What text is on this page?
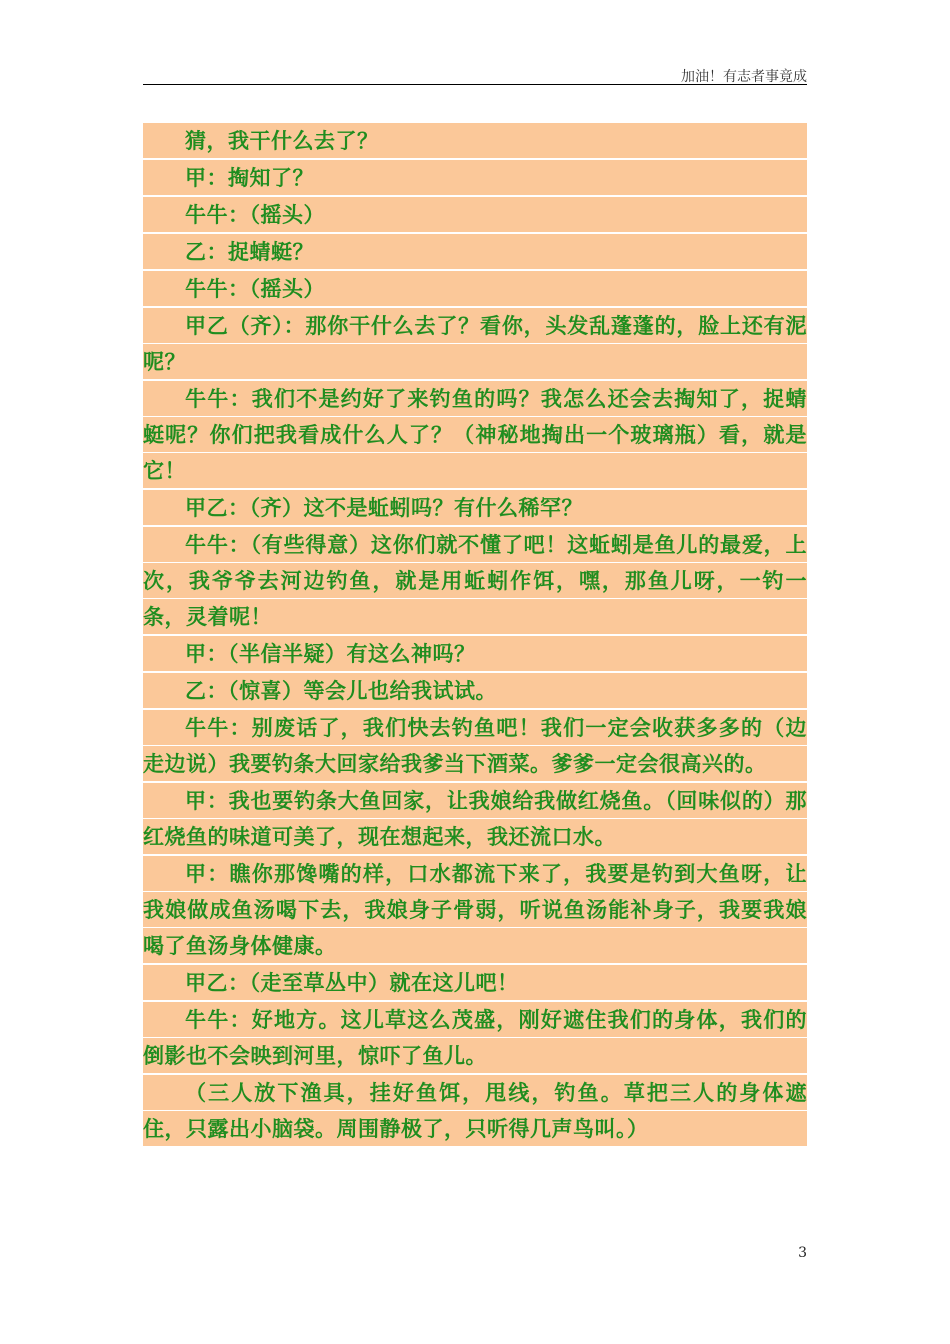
加油！有志者事竟成

猜，我干什么去了？

甲：掏知了？

牛牛：（摇头）

乙：捉蜻蜓？

牛牛：（摇头）

甲乙（齐）：那你干什么去了？看你，头发乱蓬蓬的，脸上还有泥呢？

牛牛：我们不是约好了来钓鱼的吗？我怎么还会去掏知了，捉蜻蜓呢？你们把我看成什么人了？（神秘地掏出一个玻璃瓶）看，就是它！

甲乙：（齐）这不是蚯蚓吗？有什么稀罕？

牛牛：（有些得意）这你们就不懂了吧！这蚯蚓是鱼儿的最爱，上次，我爷爷去河边钓鱼，就是用蚯蚓作饵，嘿，那鱼儿呀，一钓一条，灵着呢！

甲：（半信半疑）有这么神吗？

乙：（惊喜）等会儿也给我试试。

牛牛：别废话了，我们快去钓鱼吧！我们一定会收获多多的（边走边说）我要钓条大回家给我爹当下酒菜。爹爹一定会很高兴的。

甲：我也要钓条大鱼回家，让我娘给我做红烧鱼。（回味似的）那红烧鱼的味道可美了，现在想起来，我还流口水。

甲：瞧你那馋嘴的样，口水都流下来了，我要是钓到大鱼呀，让我娘做成鱼汤喝下去，我娘身子骨弱，听说鱼汤能补身子，我要我娘喝了鱼汤身体健康。

甲乙：（走至草丛中）就在这儿吧！

牛牛：好地方。这儿草这么茂盛，刚好遮住我们的身体，我们的倒影也不会映到河里，惊吓了鱼儿。

（三人放下渔具，挂好鱼饵，甩线，钓鱼。草把三人的身体遮住，只露出小脑袋。周围静极了，只听得几声鸟叫。）

3
